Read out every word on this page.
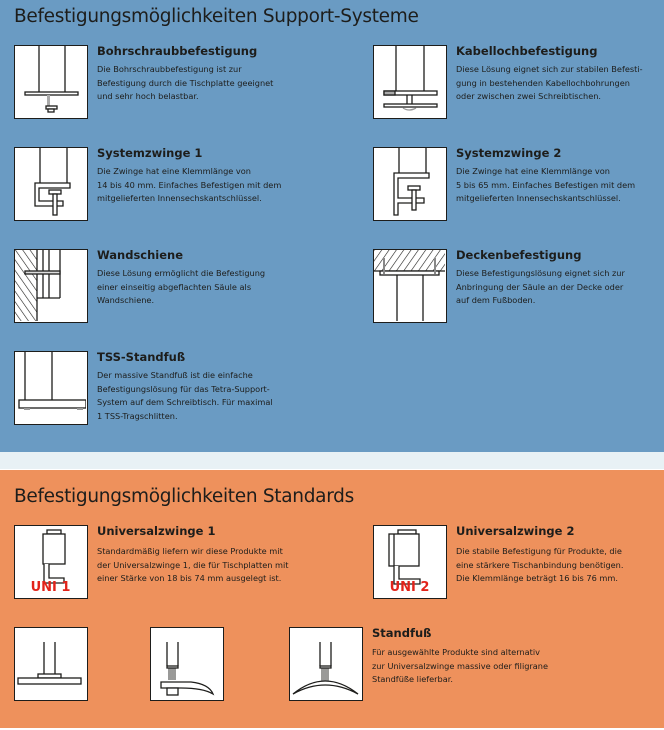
Befestigungsmöglichkeiten Support-Systeme
Bohrschraubbefestigung
Die Bohrschraubbefestigung ist zur
Befestigung durch die Tischplatte geeignet
und sehr hoch belastbar.
Kabellochbefestigung
Diese Lösung eignet sich zur stabilen Befesti-
gung in bestehenden Kabellochbohrungen
oder zwischen zwei Schreibtischen.
Systemzwinge 1
Die Zwinge hat eine Klemmlänge von
14 bis 40 mm. Einfaches Befestigen mit dem
mitgelieferten Innensechskantschlüssel.
Systemzwinge 2
Die Zwinge hat eine Klemmlänge von
5 bis 65 mm. Einfaches Befestigen mit dem
mitgelieferten Innensechskantschlüssel.
Wandschiene
Diese Lösung ermöglicht die Befestigung
einer einseitig abgeflachten Säule als
Wandschiene.
Deckenbefestigung
Diese Befestigungslösung eignet sich zur
Anbringung der Säule an der Decke oder
auf dem Fußboden.
TSS-Standfuß
Der massive Standfuß ist die einfache
Befestigungslösung für das Tetra-Support-
System auf dem Schreibtisch. Für maximal
1 TSS-Tragschlitten.
Befestigungsmöglichkeiten Standards
UNI 1
Universalzwinge 1
Standardmäßig liefern wir diese Produkte mit
der Universalzwinge 1, die für Tischplatten mit
einer Stärke von 18 bis 74 mm ausgelegt ist.
UNI 2
Universalzwinge 2
Die stabile Befestigung für Produkte, die
eine stärkere Tischanbindung benötigen.
Die Klemmlänge beträgt 16 bis 76 mm.
Standfuß
Für ausgewählte Produkte sind alternativ
zur Universalzwinge massive oder filigrane
Standfüße lieferbar.
